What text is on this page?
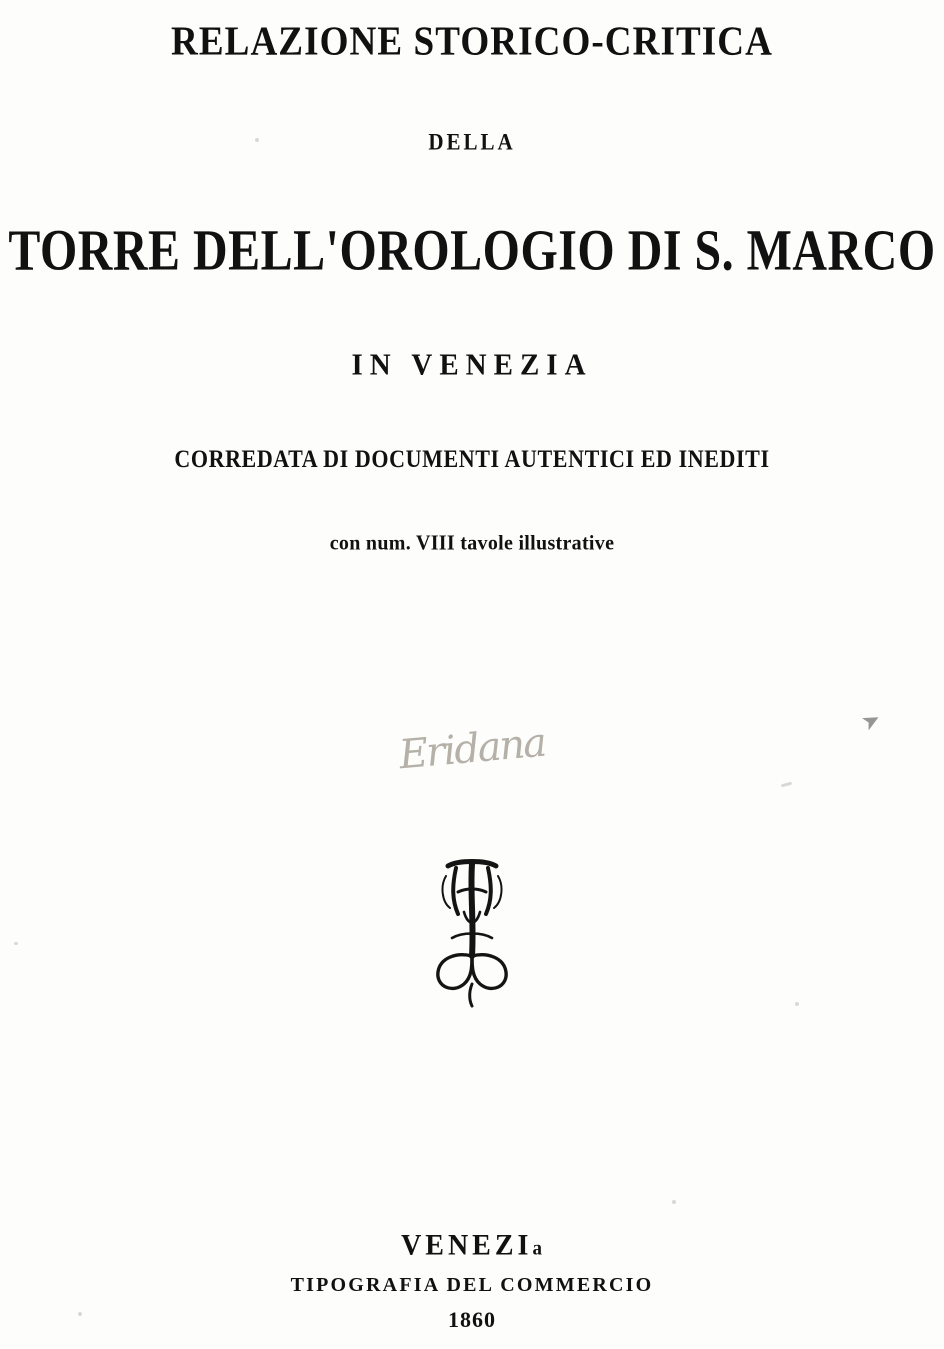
➤
RELAZIONE STORICO-CRITICA
DELLA
TORRE DELL'OROLOGIO DI S. MARCO
IN VENEZIA
CORREDATA DI DOCUMENTI AUTENTICI ED INEDITI
con num. VIII tavole illustrative
Eridana
VENEZIa
TIPOGRAFIA DEL COMMERCIO
1860
